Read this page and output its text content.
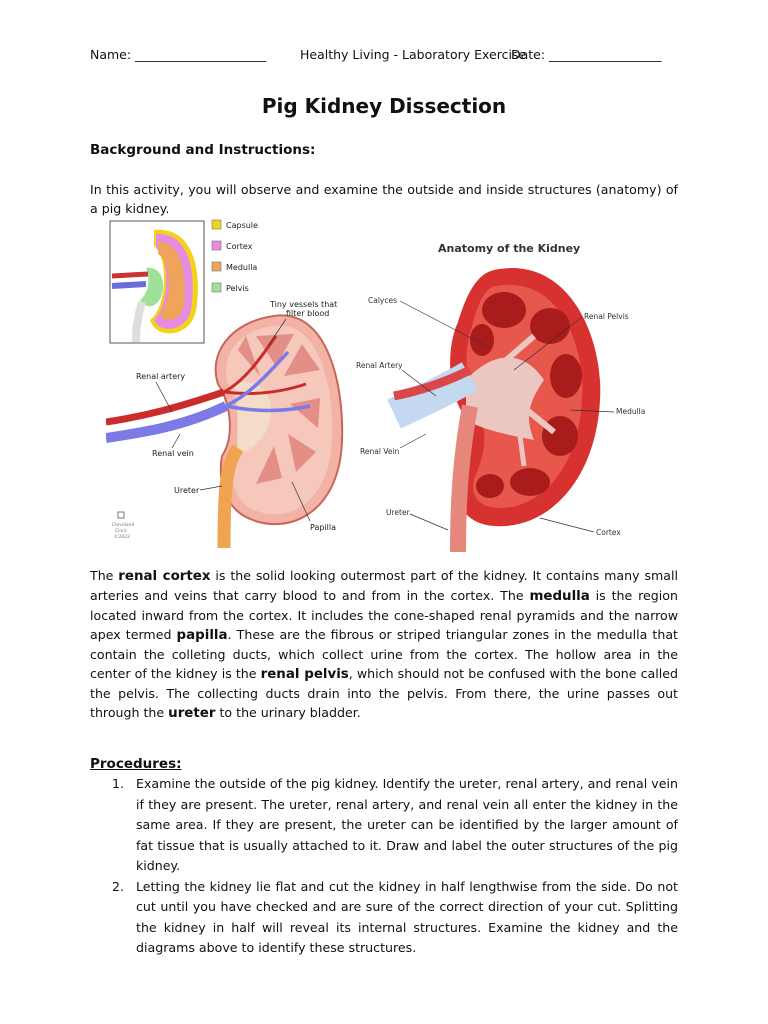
Name: _____________________	Healthy Living - Laboratory Exercise
Date: __________________
Pig Kidney Dissection
Background and Instructions:
In this activity, you will observe and examine the outside and inside structures (anatomy) of a pig kidney.
Capsule
Cortex
Medulla
Pelvis
Tiny vessels that
filter blood
Renal artery
Renal vein
Ureter
Papilla
Cleveland
Clinic
©2022
Anatomy of the Kidney
Calyces
Renal Pelvis
Renal Artery
Medulla
Renal Vein
Ureter
Cortex
The renal cortex is the solid looking outermost part of the kidney. It contains many small arteries and veins that carry blood to and from in the cortex. The medulla is the region located inward from the cortex. It includes the cone-shaped renal pyramids and the narrow apex termed papilla. These are the fibrous or striped triangular zones in the medulla that contain the colleting ducts, which collect urine from the cortex. The hollow area in the center of the kidney is the renal pelvis, which should not be confused with the bone called the pelvis. The collecting ducts drain into the pelvis. From there, the urine passes out through the ureter to the urinary bladder.
Procedures:
1. Examine the outside of the pig kidney. Identify the ureter, renal artery, and renal vein if they are present. The ureter, renal artery, and renal vein all enter the kidney in the same area. If they are present, the ureter can be identified by the larger amount of fat tissue that is usually attached to it. Draw and label the outer structures of the pig kidney.
2. Letting the kidney lie flat and cut the kidney in half lengthwise from the side. Do not cut until you have checked and are sure of the correct direction of your cut. Splitting the kidney in half will reveal its internal structures. Examine the kidney and the diagrams above to identify these structures.
